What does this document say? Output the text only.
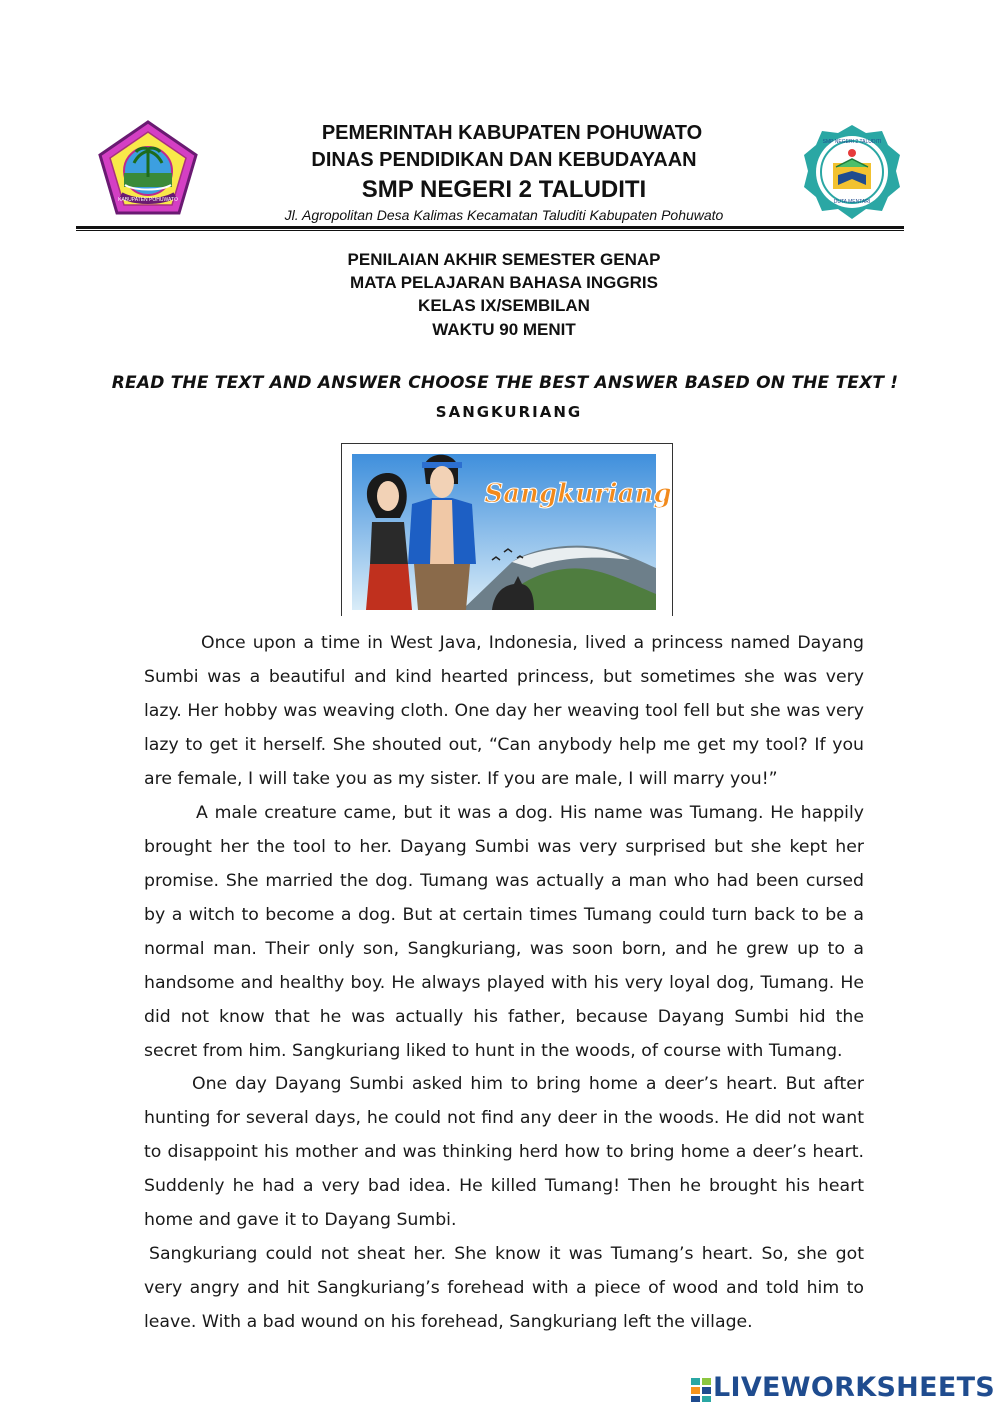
KABUPATEN POHUWATO
SMP NEGERI 2 TALUDITI
DUTA MENTARI
PEMERINTAH KABUPATEN POHUWATO
DINAS PENDIDIKAN DAN KEBUDAYAAN
SMP NEGERI 2 TALUDITI
Jl. Agropolitan Desa Kalimas Kecamatan Taluditi Kabupaten Pohuwato
PENILAIAN AKHIR SEMESTER GENAP
MATA PELAJARAN BAHASA INGGRIS
KELAS IX/SEMBILAN
WAKTU 90 MENIT
READ THE TEXT AND ANSWER CHOOSE THE BEST ANSWER BASED ON THE TEXT !
SANGKURIANG
Sangkuriang

Once upon a time in West Java, Indonesia, lived a princess named Dayang Sumbi was a beautiful and kind hearted princess, but sometimes she was very lazy. Her hobby was weaving cloth. One day her weaving tool fell but she was very lazy to get it herself. She shouted out, “Can anybody help me get my tool? If you are female, I will take you as my sister. If you are male, I will marry you!”

A male creature came, but it was a dog. His name was Tumang. He happily brought her the tool to her. Dayang Sumbi was very surprised but she kept her promise. She married the dog. Tumang was actually a man who had been cursed by a witch to become a dog. But at certain times Tumang could turn back to be a normal man. Their only son, Sangkuriang, was soon born, and he grew up to a handsome and healthy boy. He always played with his very loyal dog, Tumang. He did not know that he was actually his father, because Dayang Sumbi hid the secret from him. Sangkuriang liked to hunt in the woods, of course with Tumang.

One day Dayang Sumbi asked him to bring home a deer’s heart. But after hunting for several days, he could not find any deer in the woods. He did not want to disappoint his mother and was thinking herd how to bring home a deer’s heart. Suddenly he had a very bad idea. He killed Tumang! Then he brought his heart home and gave it to Dayang Sumbi.

Sangkuriang could not sheat her. She know it was Tumang’s heart. So, she got very angry and hit Sangkuriang’s forehead with a piece of wood and told him to leave. With a bad wound on his forehead, Sangkuriang left the village.

LIVEWORKSHEETS
